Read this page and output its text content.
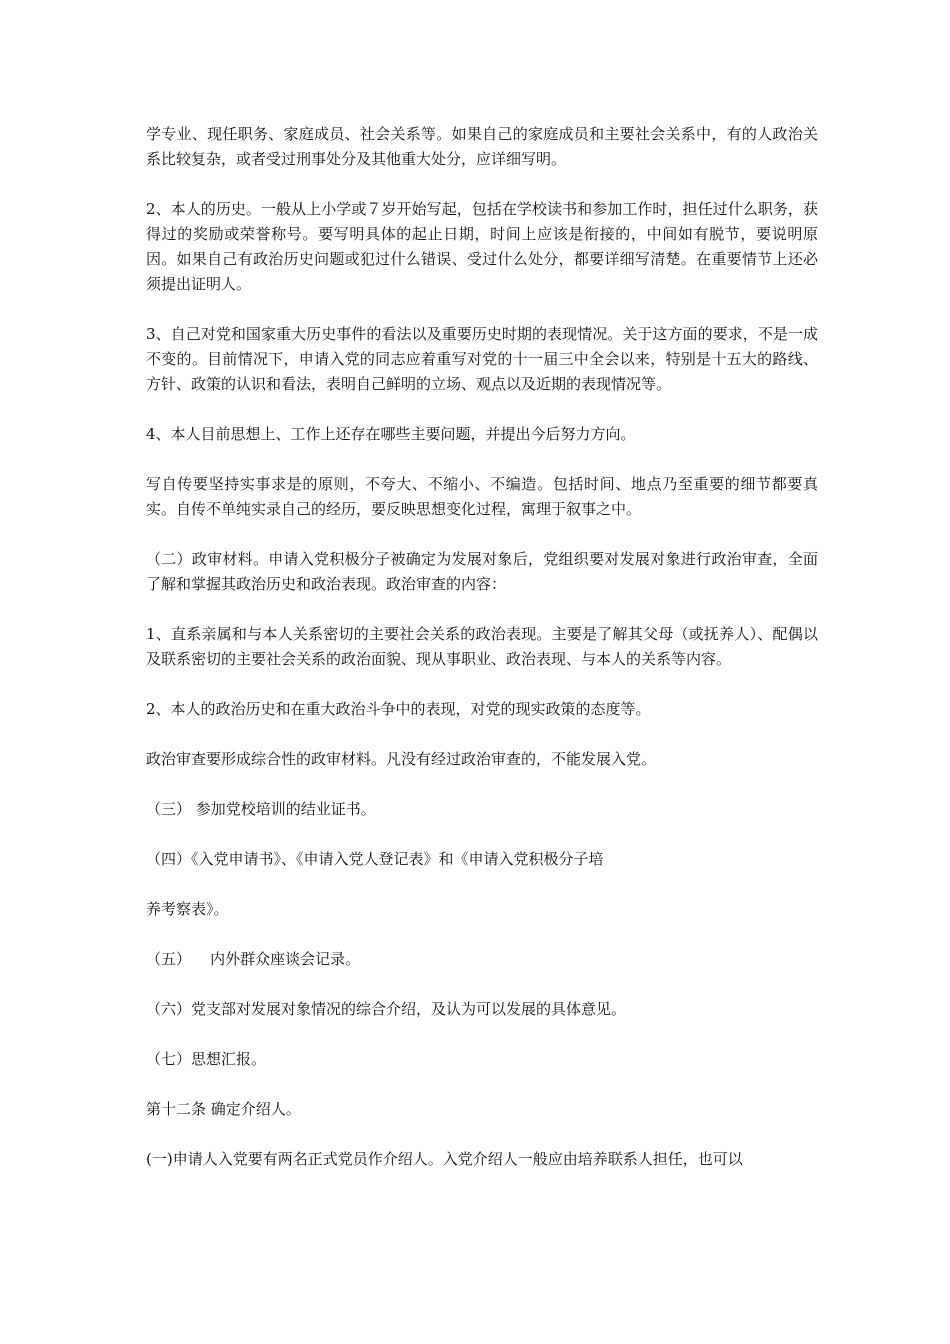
学专业、现任职务、家庭成员、社会关系等。如果自己的家庭成员和主要社会关系中，有的人政治关系比较复杂，或者受过刑事处分及其他重大处分，应详细写明。

2、本人的历史。一般从上小学或７岁开始写起，包括在学校读书和参加工作时，担任过什么职务，获得过的奖励或荣誉称号。要写明具体的起止日期，时间上应该是衔接的，中间如有脱节，要说明原因。如果自己有政治历史问题或犯过什么错误、受过什么处分，都要详细写清楚。在重要情节上还必须提出证明人。

3、自己对党和国家重大历史事件的看法以及重要历史时期的表现情况。关于这方面的要求，不是一成不变的。目前情况下，申请入党的同志应着重写对党的十一届三中全会以来，特别是十五大的路线、方针、政策的认识和看法，表明自己鲜明的立场、观点以及近期的表现情况等。

4、本人目前思想上、工作上还存在哪些主要问题，并提出今后努力方向。

写自传要坚持实事求是的原则，不夸大、不缩小、不编造。包括时间、地点乃至重要的细节都要真实。自传不单纯实录自己的经历，要反映思想变化过程，寓理于叙事之中。

（二）政审材料。申请入党积极分子被确定为发展对象后，党组织要对发展对象进行政治审查，全面了解和掌握其政治历史和政治表现。政治审查的内容：

1、直系亲属和与本人关系密切的主要社会关系的政治表现。主要是了解其父母（或抚养人）、配偶以及联系密切的主要社会关系的政治面貌、现从事职业、政治表现、与本人的关系等内容。

2、本人的政治历史和在重大政治斗争中的表现，对党的现实政策的态度等。

政治审查要形成综合性的政审材料。凡没有经过政治审查的，不能发展入党。

（三） 参加党校培训的结业证书。

（四）《入党申请书》、《申请入党人登记表》和《申请入党积极分子培

养考察表》。

（五）    内外群众座谈会记录。

（六）党支部对发展对象情况的综合介绍，及认为可以发展的具体意见。

（七）思想汇报。

第十二条 确定介绍人。

(一)申请人入党要有两名正式党员作介绍人。入党介绍人一般应由培养联系人担任，也可以
